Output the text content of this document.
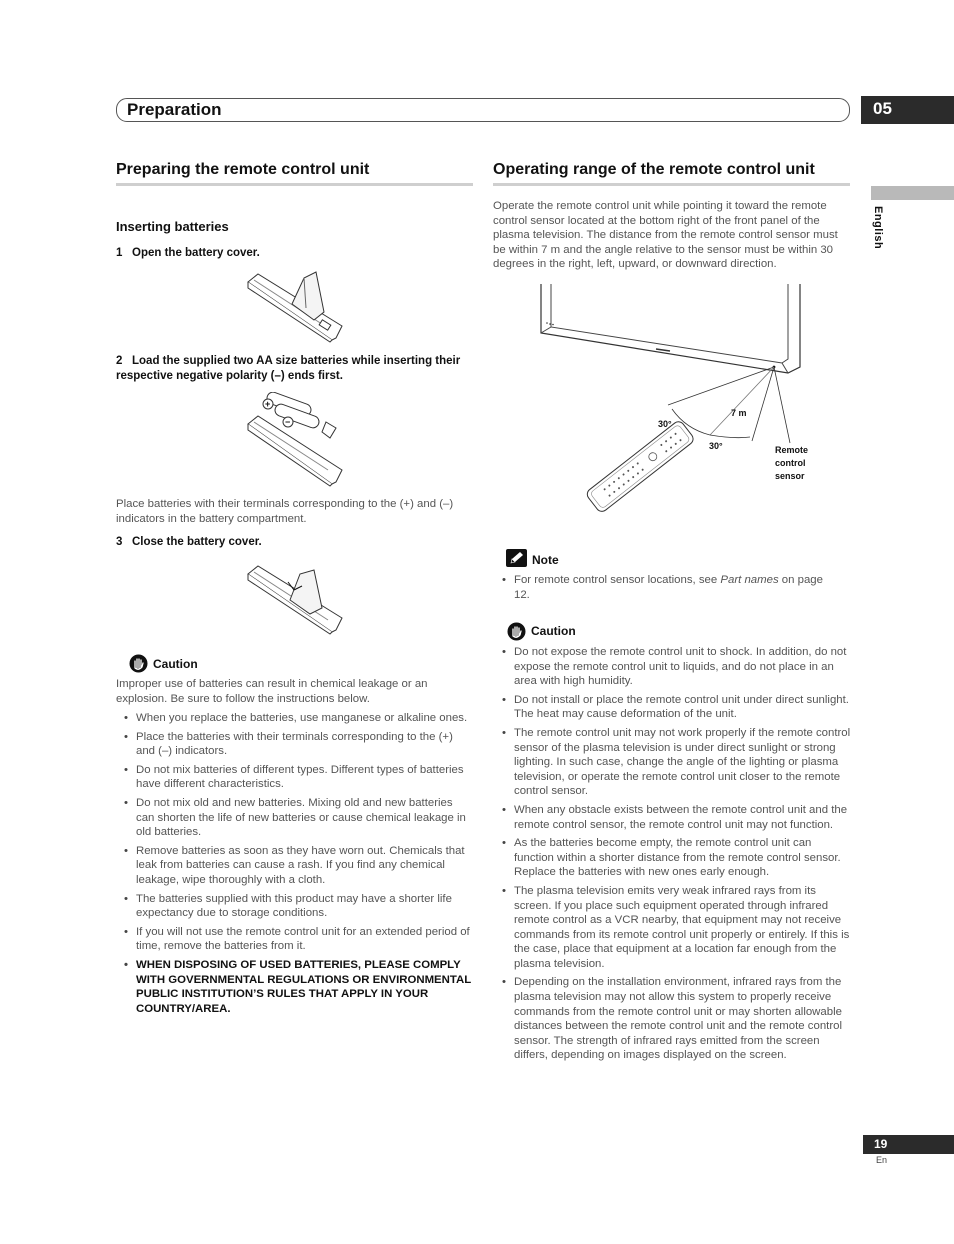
Preparation	05
English
Preparing the remote control unit
Inserting batteries
1 Open the battery cover.
2 Load the supplied two AA size batteries while inserting their respective negative polarity (–) ends first.
+
−
Place batteries with their terminals corresponding to the (+) and (–) indicators in the battery compartment.
3 Close the battery cover.
Caution
Improper use of batteries can result in chemical leakage or an explosion. Be sure to follow the instructions below.
• When you replace the batteries, use manganese or alkaline ones.
• Place the batteries with their terminals corresponding to the (+) and (–) indicators.
• Do not mix batteries of different types. Different types of batteries have different characteristics.
• Do not mix old and new batteries. Mixing old and new batteries can shorten the life of new batteries or cause chemical leakage in old batteries.
• Remove batteries as soon as they have worn out. Chemicals that leak from batteries can cause a rash. If you find any chemical leakage, wipe thoroughly with a cloth.
• The batteries supplied with this product may have a shorter life expectancy due to storage conditions.
• If you will not use the remote control unit for an extended period of time, remove the batteries from it.
• WHEN DISPOSING OF USED BATTERIES, PLEASE COMPLY WITH GOVERNMENTAL REGULATIONS OR ENVIRONMENTAL PUBLIC INSTITUTION’S RULES THAT APPLY IN YOUR COUNTRY/AREA.
Operating range of the remote control unit
Operate the remote control unit while pointing it toward the remote control sensor located at the bottom right of the front panel of the plasma television. The distance from the remote control sensor must be within 7 m and the angle relative to the sensor must be within 30 degrees in the right, left, upward, or downward direction.
30°
30°
7 m
Remote
control
sensor
Note
• For remote control sensor locations, see Part names on page 12.
Caution
• Do not expose the remote control unit to shock. In addition, do not expose the remote control unit to liquids, and do not place in an area with high humidity.
• Do not install or place the remote control unit under direct sunlight. The heat may cause deformation of the unit.
• The remote control unit may not work properly if the remote control sensor of the plasma television is under direct sunlight or strong lighting. In such case, change the angle of the lighting or plasma television, or operate the remote control unit closer to the remote control sensor.
• When any obstacle exists between the remote control unit and the remote control sensor, the remote control unit may not function.
• As the batteries become empty, the remote control unit can function within a shorter distance from the remote control sensor. Replace the batteries with new ones early enough.
• The plasma television emits very weak infrared rays from its screen. If you place such equipment operated through infrared remote control as a VCR nearby, that equipment may not receive commands from its remote control unit properly or entirely. If this is the case, place that equipment at a location far enough from the plasma television.
• Depending on the installation environment, infrared rays from the plasma television may not allow this system to properly receive commands from the remote control unit or may shorten allowable distances between the remote control unit and the remote control sensor. The strength of infrared rays emitted from the screen differs, depending on images displayed on the screen.
19
En
